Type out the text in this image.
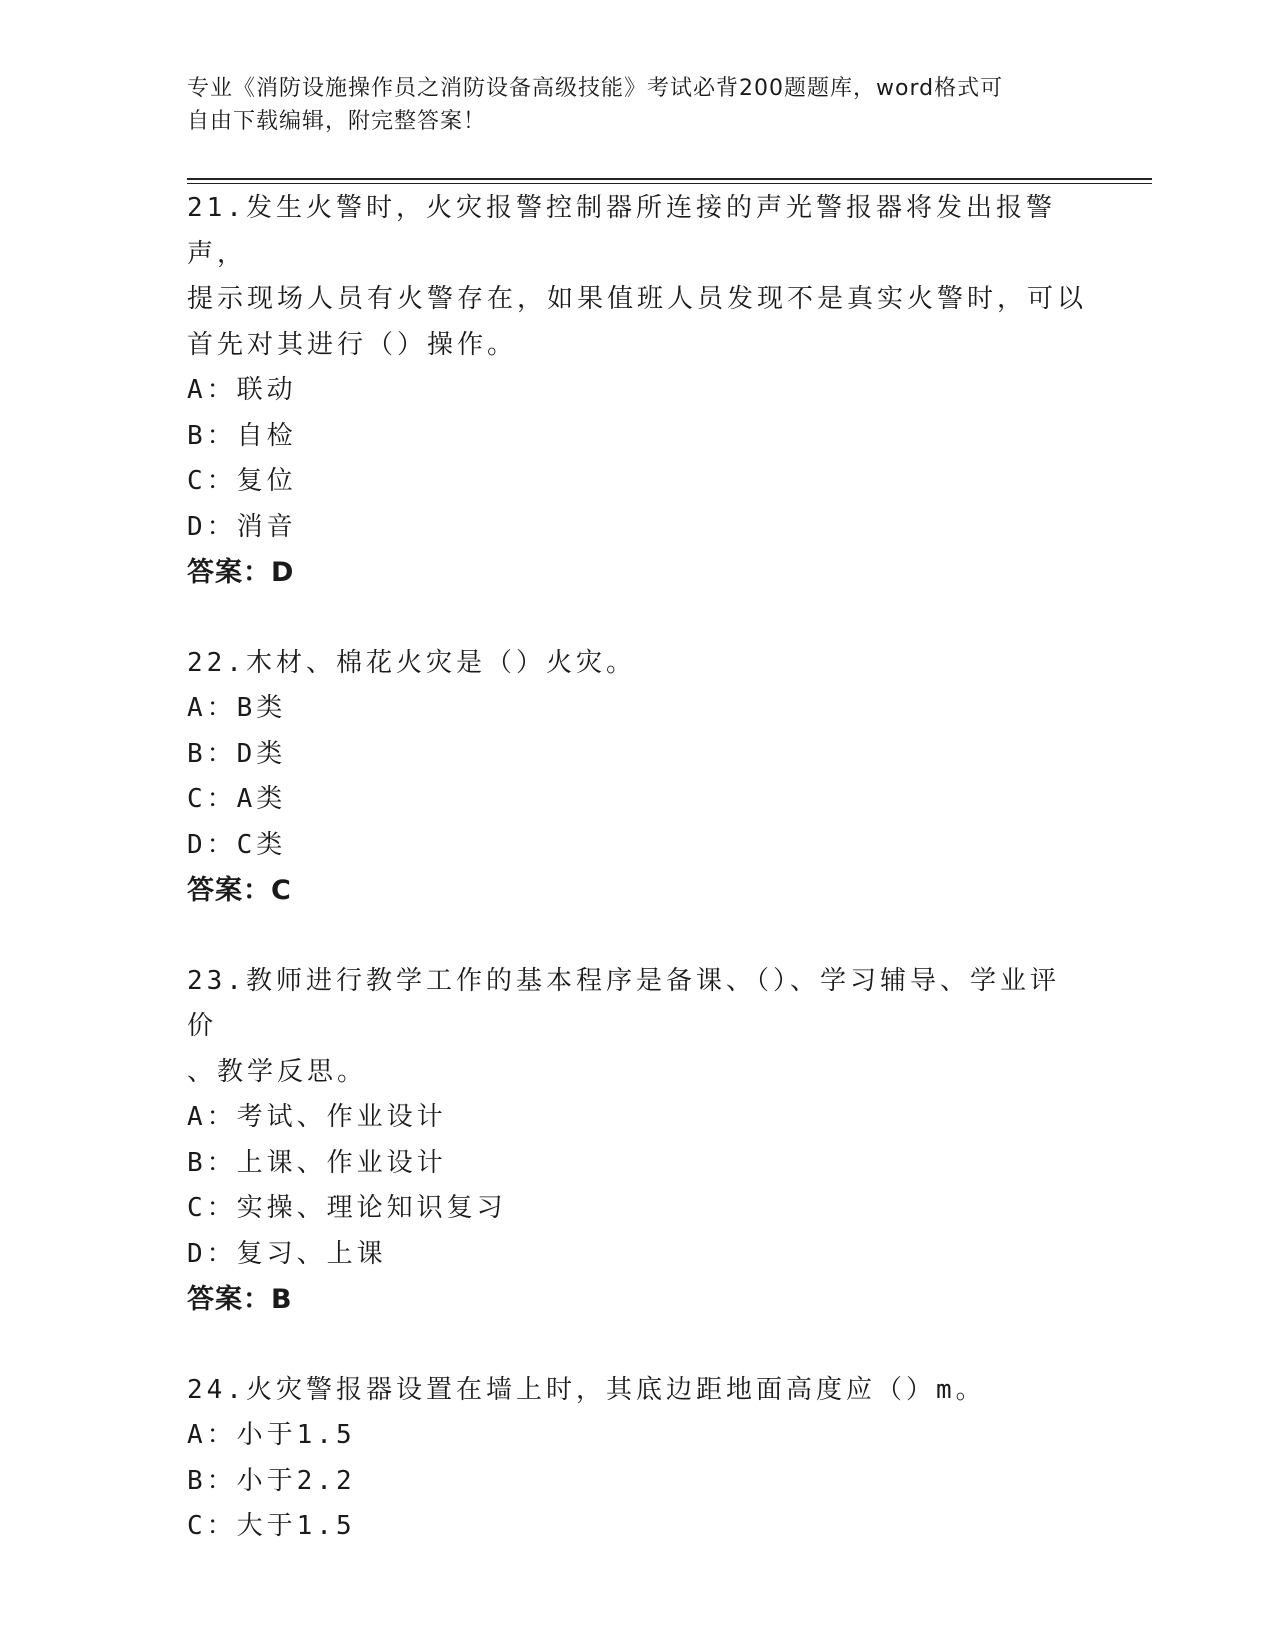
专业《消防设施操作员之消防设备高级技能》考试必背200题题库，word格式可
自由下载编辑，附完整答案！
21.发生火警时，火灾报警控制器所连接的声光警报器将发出报警声，
提示现场人员有火警存在，如果值班人员发现不是真实火警时，可以
首先对其进行（）操作。
A：联动
B：自检
C：复位
D：消音
答案：D
22.木材、棉花火灾是（）火灾。
A：B类
B：D类
C：A类
D：C类
答案：C
23.教师进行教学工作的基本程序是备课、（）、学习辅导、学业评价
、教学反思。
A：考试、作业设计
B：上课、作业设计
C：实操、理论知识复习
D：复习、上课
答案：B
24.火灾警报器设置在墙上时，其底边距地面高度应（）m。
A：小于1.5
B：小于2.2
C：大于1.5
